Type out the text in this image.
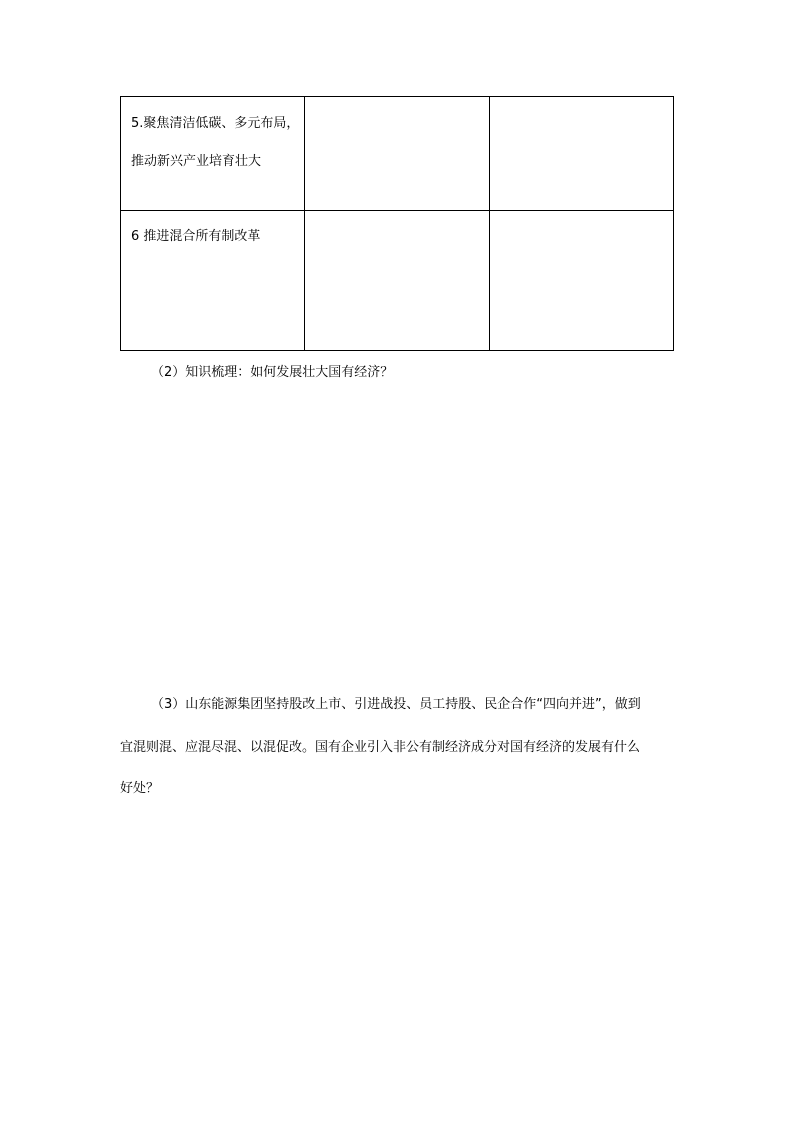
5.聚焦清洁低碳、多元布局，
推动新兴产业培育壮大		

6 推进混合所有制改革		

（2）知识梳理：如何发展壮大国有经济？
（3）山东能源集团坚持股改上市、引进战投、员工持股、民企合作“四向并进”，做到
宜混则混、应混尽混、以混促改。国有企业引入非公有制经济成分对国有经济的发展有什么
好处？
